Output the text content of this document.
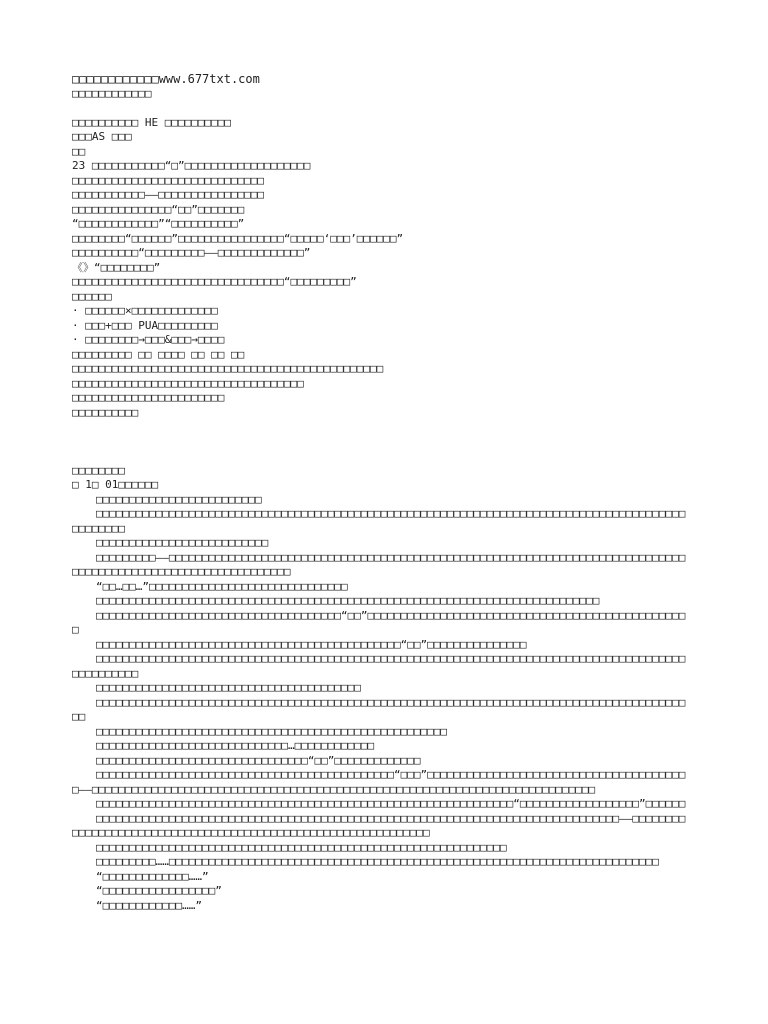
□□□□□□□□□□□□www.677txt.com
□□□□□□□□□□□□
□□□□□□□□□□ HE □□□□□□□□□□
□□□AS □□□
□□
23 □□□□□□□□□□□“□”□□□□□□□□□□□□□□□□□□□
□□□□□□□□□□□□□□□□□□□□□□□□□□□□□
□□□□□□□□□□□——□□□□□□□□□□□□□□□□
□□□□□□□□□□□□□□□“□□”□□□□□□□
“□□□□□□□□□□□□”“□□□□□□□□□□”
□□□□□□□□“□□□□□□”□□□□□□□□□□□□□□□□“□□□□□‘□□□’□□□□□□”
□□□□□□□□□□“□□□□□□□□□——□□□□□□□□□□□□□”
《》“□□□□□□□□”
□□□□□□□□□□□□□□□□□□□□□□□□□□□□□□□□“□□□□□□□□□”
□□□□□□
· □□□□□□×□□□□□□□□□□□□□
· □□□+□□□ PUA□□□□□□□□□
· □□□□□□□□→□□□&□□□→□□□□
□□□□□□□□□ □□ □□□□ □□ □□ □□
□□□□□□□□□□□□□□□□□□□□□□□□□□□□□□□□□□□□□□□□□□□□□□□
□□□□□□□□□□□□□□□□□□□□□□□□□□□□□□□□□□□
□□□□□□□□□□□□□□□□□□□□□□□
□□□□□□□□□□
□□□□□□□□
□ 1□ 01□□□□□□
□□□□□□□□□□□□□□□□□□□□□□□□□
□□□□□□□□□□□□□□□□□□□□□□□□□□□□□□□□□□□□□□□□□□□□□□□□□□□□□□□□□□□□□□□□□□□□□□□□□□□□□□□□□□□□□□□□□□□□□□□□□
□□□□□□□□□□□□□□□□□□□□□□□□□□
□□□□□□□□□——□□□□□□□□□□□□□□□□□□□□□□□□□□□□□□□□□□□□□□□□□□□□□□□□□□□□□□□□□□□□□□□□□□□□□□□□□□□□□□□□□□□□□□□□□□□□□□□□□□□□□□□□□□□□□□□
“□□…□□…”□□□□□□□□□□□□□□□□□□□□□□□□□□□□□□
□□□□□□□□□□□□□□□□□□□□□□□□□□□□□□□□□□□□□□□□□□□□□□□□□□□□□□□□□□□□□□□□□□□□□□□□□□□□
□□□□□□□□□□□□□□□□□□□□□□□□□□□□□□□□□□□□□“□□”□□□□□□□□□□□□□□□□□□□□□□□□□□□□□□□□□□□□□□□□□□□□□□□□□
□□□□□□□□□□□□□□□□□□□□□□□□□□□□□□□□□□□□□□□□□□□□□□“□□”□□□□□□□□□□□□□□□
□□□□□□□□□□□□□□□□□□□□□□□□□□□□□□□□□□□□□□□□□□□□□□□□□□□□□□□□□□□□□□□□□□□□□□□□□□□□□□□□□□□□□□□□□□□□□□□□□□□
□□□□□□□□□□□□□□□□□□□□□□□□□□□□□□□□□□□□□□□□
□□□□□□□□□□□□□□□□□□□□□□□□□□□□□□□□□□□□□□□□□□□□□□□□□□□□□□□□□□□□□□□□□□□□□□□□□□□□□□□□□□□□□□□□□□□
□□□□□□□□□□□□□□□□□□□□□□□□□□□□□□□□□□□□□□□□□□□□□□□□□□□□□
□□□□□□□□□□□□□□□□□□□□□□□□□□□□□…□□□□□□□□□□□□
□□□□□□□□□□□□□□□□□□□□□□□□□□□□□□□□“□□”□□□□□□□□□□□□□
□□□□□□□□□□□□□□□□□□□□□□□□□□□□□□□□□□□□□□□□□□□□□“□□□”□□□□□□□□□□□□□□□□□□□□□□□□□□□□□□□□□□□□□□□□——□□□□□□□□□□□□□□□□□□□□□□□□□□□□□□□□□□□□□□□□□□□□□□□□□□□□□□□□□□□□□□□□□□□□□□□□□□□□
□□□□□□□□□□□□□□□□□□□□□□□□□□□□□□□□□□□□□□□□□□□□□□□□□□□□□□□□□□□□□□□“□□□□□□□□□□□□□□□□□□”□□□□□□
□□□□□□□□□□□□□□□□□□□□□□□□□□□□□□□□□□□□□□□□□□□□□□□□□□□□□□□□□□□□□□□□□□□□□□□□□□□□□□□——□□□□□□□□□□□□□□□□□□□□□□□□□□□□□□□□□□□□□□□□□□□□□□□□□□□□□□□□□□□□□□
□□□□□□□□□□□□□□□□□□□□□□□□□□□□□□□□□□□□□□□□□□□□□□□□□□□□□□□□□□□□□□
□□□□□□□□□……□□□□□□□□□□□□□□□□□□□□□□□□□□□□□□□□□□□□□□□□□□□□□□□□□□□□□□□□□□□□□□□□□□□□□□□□□□
“□□□□□□□□□□□□□……”
“□□□□□□□□□□□□□□□□□”
“□□□□□□□□□□□□……”
